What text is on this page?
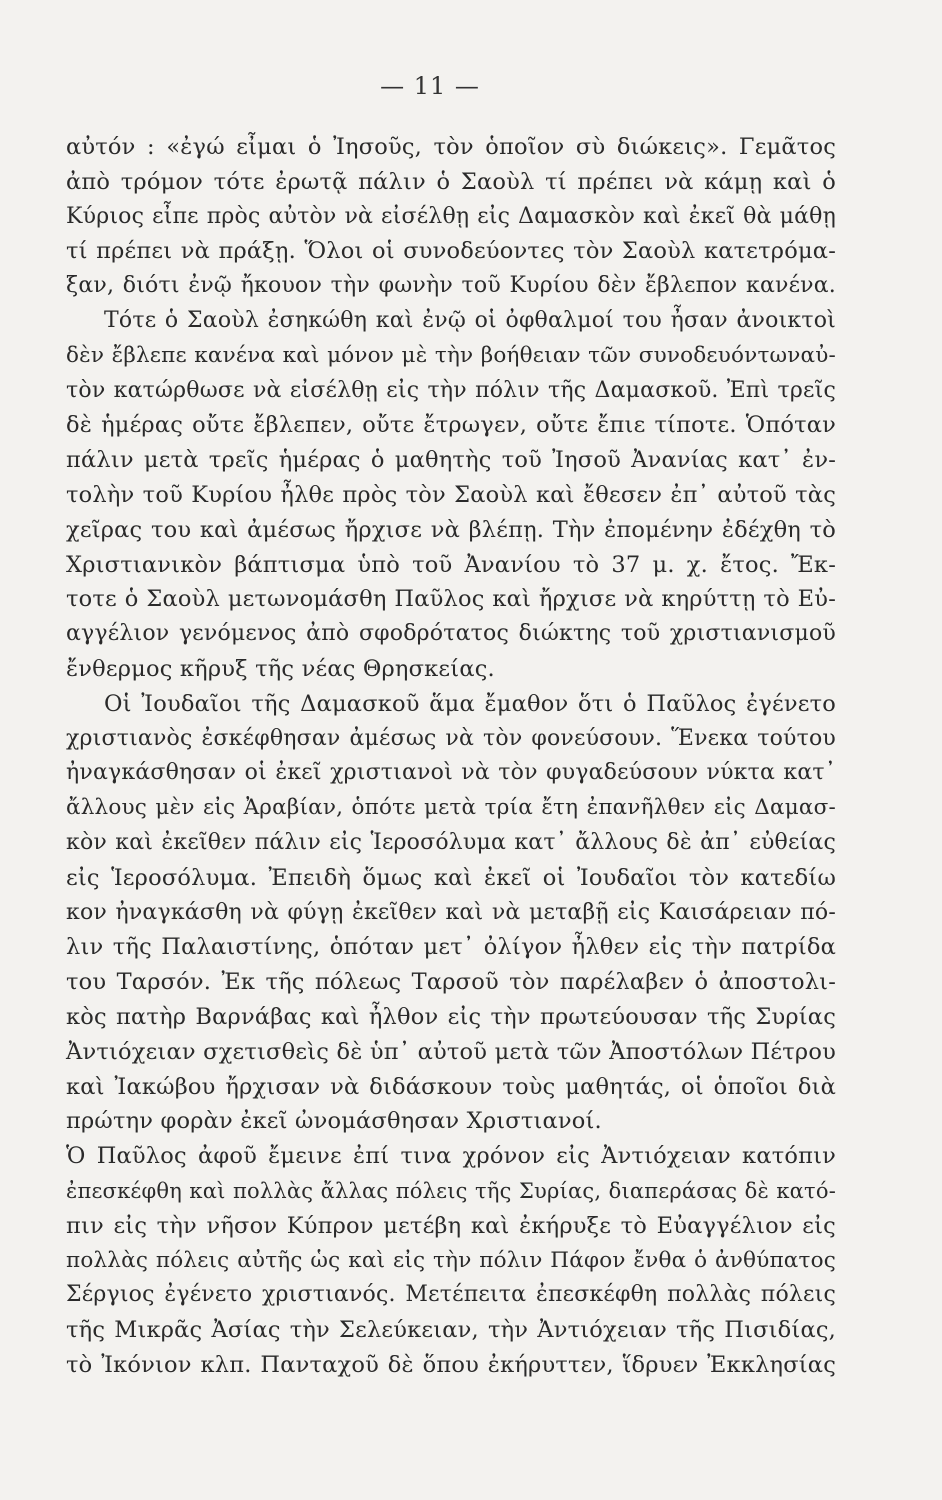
— 11 —
αὐτόν : «ἐγώ εἶμαι ὁ Ἰησοῦς, τὸν ὁποῖον σὺ διώκεις». Γεμᾶτος
ἀπὸ τρόμον τότε ἐρωτᾷ πάλιν ὁ Σαοὺλ τί πρέπει νὰ κάμῃ καὶ ὁ
Κύριος εἶπε πρὸς αὐτὸν νὰ εἰσέλθῃ εἰς Δαμασκὸν καὶ ἐκεῖ θὰ μάθῃ
τί πρέπει νὰ πράξῃ. Ὅλοι οἱ συνοδεύοντες τὸν Σαοὺλ κατετρόμα-
ξαν, διότι ἐνῷ ἤκουον τὴν φωνὴν τοῦ Κυρίου δὲν ἔβλεπον κανένα.
Τότε ὁ Σαοὺλ ἐσηκώθη καὶ ἐνῷ οἱ ὀφθαλμοί του ἦσαν ἀνοικτοὶ
δὲν ἔβλεπε κανένα καὶ μόνον μὲ τὴν βοήθειαν τῶν συνοδευόντωναὐ-
τὸν κατώρθωσε νὰ εἰσέλθῃ εἰς τὴν πόλιν τῆς Δαμασκοῦ. Ἐπὶ τρεῖς
δὲ ἡμέρας οὔτε ἔβλεπεν, οὔτε ἔτρωγεν, οὔτε ἔπιε τίποτε. Ὁπόταν
πάλιν μετὰ τρεῖς ἡμέρας ὁ μαθητὴς τοῦ Ἰησοῦ Ἀνανίας κατ᾽ ἐν-
τολὴν τοῦ Κυρίου ἦλθε πρὸς τὸν Σαοὺλ καὶ ἔθεσεν ἐπ᾽ αὐτοῦ τὰς
χεῖρας του καὶ ἀμέσως ἤρχισε νὰ βλέπῃ. Τὴν ἐπομένην ἐδέχθη τὸ
Χριστιανικὸν βάπτισμα ὑπὸ τοῦ Ἀνανίου τὸ 37 μ. χ. ἔτος. Ἔκ-
τοτε ὁ Σαοὺλ μετωνομάσθη Παῦλος καὶ ἤρχισε νὰ κηρύττῃ τὸ Εὐ-
αγγέλιον γενόμενος ἀπὸ σφοδρότατος διώκτης τοῦ χριστιανισμοῦ
ἔνθερμος κῆρυξ τῆς νέας Θρησκείας.
Οἱ Ἰουδαῖοι τῆς Δαμασκοῦ ἅμα ἔμαθον ὅτι ὁ Παῦλος ἐγένετο
χριστιανὸς ἐσκέφθησαν ἀμέσως νὰ τὸν φονεύσουν. Ἕνεκα τούτου
ἠναγκάσθησαν οἱ ἐκεῖ χριστιανοὶ νὰ τὸν φυγαδεύσουν νύκτα κατ᾽
ἄλλους μὲν εἰς Ἀραβίαν, ὁπότε μετὰ τρία ἔτη ἐπανῆλθεν εἰς Δαμασ-
κὸν καὶ ἐκεῖθεν πάλιν εἰς Ἱεροσόλυμα κατ᾽ ἄλλους δὲ ἀπ᾽ εὐθείας
εἰς Ἱεροσόλυμα. Ἐπειδὴ ὅμως καὶ ἐκεῖ οἱ Ἰουδαῖοι τὸν κατεδίω
κον ἠναγκάσθη νὰ φύγῃ ἐκεῖθεν καὶ νὰ μεταβῇ εἰς Καισάρειαν πό-
λιν τῆς Παλαιστίνης, ὁπόταν μετ᾽ ὀλίγον ἦλθεν εἰς τὴν πατρίδα
του Ταρσόν. Ἐκ τῆς πόλεως Ταρσοῦ τὸν παρέλαβεν ὁ ἀποστολι-
κὸς πατὴρ Βαρνάβας καὶ ἦλθον εἰς τὴν πρωτεύουσαν τῆς Συρίας
Ἀντιόχειαν σχετισθεὶς δὲ ὑπ᾽ αὐτοῦ μετὰ τῶν Ἀποστόλων Πέτρου
καὶ Ἰακώβου ἤρχισαν νὰ διδάσκουν τοὺς μαθητάς, οἱ ὁποῖοι διὰ
πρώτην φορὰν ἐκεῖ ὠνομάσθησαν Χριστιανοί.
Ὁ Παῦλος ἀφοῦ ἔμεινε ἐπί τινα χρόνον εἰς Ἀντιόχειαν κατόπιν
ἐπεσκέφθη καὶ πολλὰς ἄλλας πόλεις τῆς Συρίας, διαπεράσας δὲ κατό-
πιν εἰς τὴν νῆσον Κύπρον μετέβη καὶ ἐκήρυξε τὸ Εὐαγγέλιον εἰς
πολλὰς πόλεις αὐτῆς ὡς καὶ εἰς τὴν πόλιν Πάφον ἔνθα ὁ ἀνθύπατος
Σέργιος ἐγένετο χριστιανός. Μετέπειτα ἐπεσκέφθη πολλὰς πόλεις
τῆς Μικρᾶς Ἀσίας τὴν Σελεύκειαν, τὴν Ἀντιόχειαν τῆς Πισιδίας,
τὸ Ἰκόνιον κλπ. Πανταχοῦ δὲ ὅπου ἐκήρυττεν, ἵδρυεν Ἐκκλησίας
